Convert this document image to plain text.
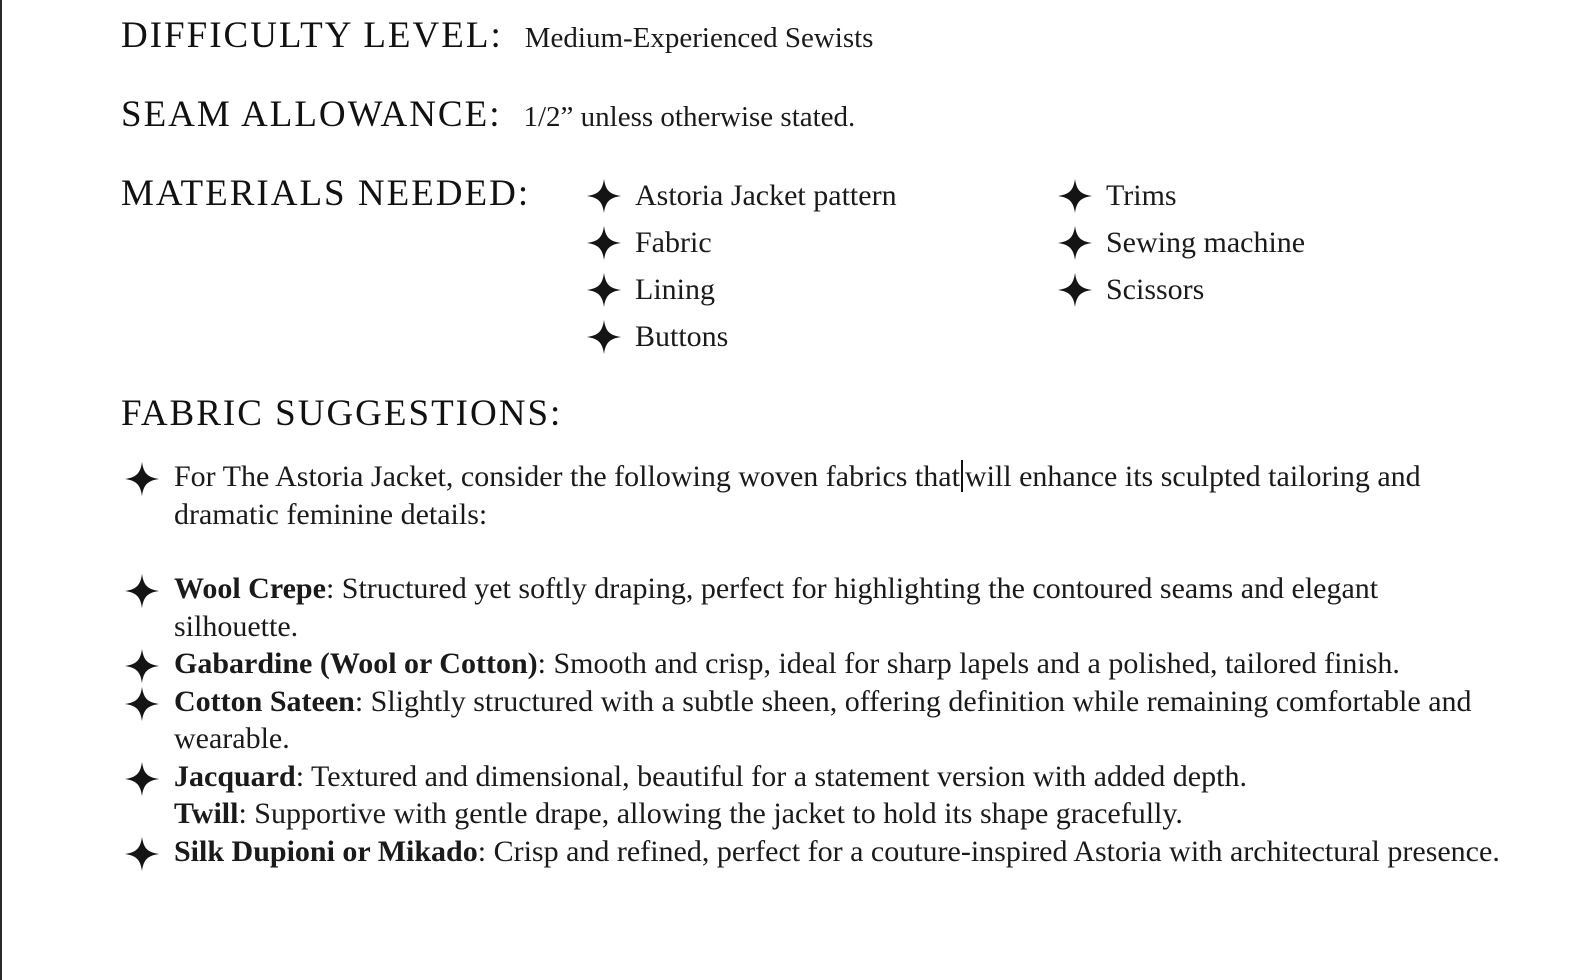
DIFFICULTY LEVEL: Medium-Experienced Sewists
SEAM ALLOWANCE: 1/2” unless otherwise stated.
MATERIALS NEEDED:	Astoria Jacket pattern
Fabric
Lining
Buttons
Trims
Sewing machine
Scissors
FABRIC SUGGESTIONS:
For The Astoria Jacket, consider the following woven fabrics that will enhance its sculpted tailoring and dramatic feminine details:
Wool Crepe: Structured yet softly draping, perfect for highlighting the contoured seams and elegant silhouette.
Gabardine (Wool or Cotton): Smooth and crisp, ideal for sharp lapels and a polished, tailored finish.
Cotton Sateen: Slightly structured with a subtle sheen, offering definition while remaining comfortable and wearable.
Jacquard: Textured and dimensional, beautiful for a statement version with added depth.
Twill: Supportive with gentle drape, allowing the jacket to hold its shape gracefully.
Silk Dupioni or Mikado: Crisp and refined, perfect for a couture-inspired Astoria with architectural presence.
